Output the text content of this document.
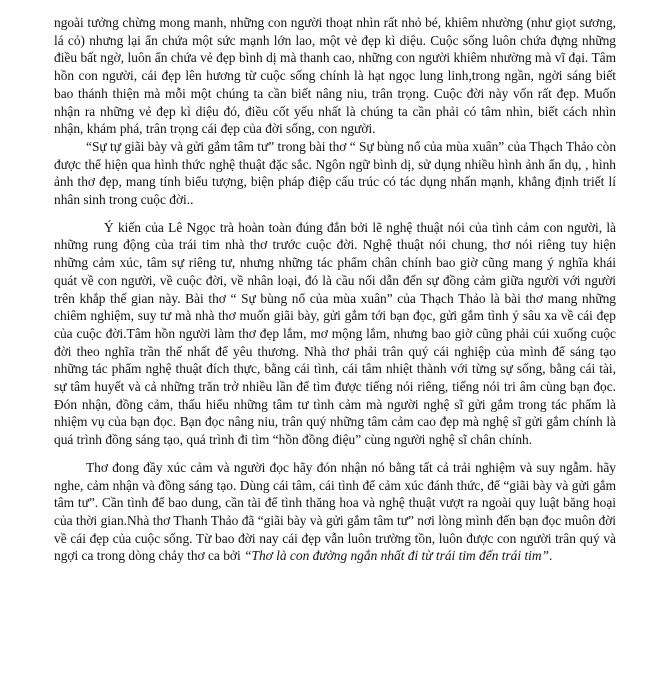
ngoài tưởng chừng mong manh, những con người thoạt nhìn rất nhỏ bé, khiêm nhường (như giọt sương, lá cỏ) nhưng lại ẩn chứa một sức mạnh lớn lao, một vẻ đẹp kì diệu. Cuộc sống luôn chứa đựng những điều bất ngờ, luôn ẩn chứa vẻ đẹp bình dị mà thanh cao, những con người khiêm nhường mà vĩ đại. Tâm hồn con người, cái đẹp lên hương từ cuộc sống chính là hạt ngọc lung linh,trong ngần, ngời sáng biết bao thánh thiện mà mỗi một chúng ta cần biết nâng niu, trân trọng. Cuộc đời này vốn rất đẹp. Muốn nhận ra những vẻ đẹp kì diệu đó, điều cốt yếu nhất là chúng ta cần phải có tâm nhìn, biết cách nhìn nhận, khám phá, trân trọng cái đẹp của đời sống, con người.

“Sự tự giãi bày và gửi gắm tâm tư” trong bài thơ “ Sự bùng nổ của mùa xuân” của Thạch Thảo còn được thể hiện qua hình thức nghệ thuật đặc sắc. Ngôn ngữ bình dị, sử dụng nhiều hình ảnh ẩn dụ, , hình ảnh thơ đẹp, mang tính biểu tượng, biện pháp điệp cấu trúc có tác dụng nhấn mạnh, khẳng định triết lí nhân sinh trong cuộc đời..

Ý kiến của Lê Ngọc trà hoàn toàn đúng đắn bởi lẽ nghệ thuật nói của tình cảm con người, là những rung động của trái tim nhà thơ trước cuộc đời. Nghệ thuật nói chung, thơ nói riêng tuy hiện những cảm xúc, tâm sự riêng tư, nhưng những tác phẩm chân chính bao giờ cũng mang ý nghĩa khái quát về con người, về cuộc đời, về nhân loại, đó là cầu nối dẫn đến sự đồng cảm giữa người với người trên khắp thế gian này. Bài thơ “ Sự bùng nổ của mùa xuân” của Thạch Thảo là bài thơ mang những chiêm nghiệm, suy tư mà nhà thơ muốn giãi bày, gửi gắm tới bạn đọc, gửi gắm tình ý sâu xa về cái đẹp của cuộc đời.Tâm hồn người làm thơ đẹp lắm, mơ mộng lắm, nhưng bao giờ cũng phải cúi xuống cuộc đời theo nghĩa trần thế nhất để yêu thương. Nhà thơ phải trân quý cái nghiệp của mình để sáng tạo những tác phẩm nghệ thuật đích thực, bằng cái tình, cái tâm nhiệt thành với từng sự sống, bằng cái tài, sự tâm huyết và cả những trăn trở nhiều lần để tìm được tiếng nói riêng, tiếng nói tri âm cùng bạn đọc. Đón nhận, đồng cảm, thấu hiểu những tâm tư tình cảm mà người nghệ sĩ gửi gắm trong tác phẩm là nhiệm vụ của bạn đọc. Bạn đọc nâng niu, trân quý những tâm cảm cao đẹp mà nghệ sĩ gửi gắm chính là quá trình đồng sáng tạo, quá trình đi tìm “hồn đồng điệu” cùng người nghệ sĩ chân chính.

Thơ đong đầy xúc cảm và người đọc hãy đón nhận nó bằng tất cả trải nghiệm và suy ngẫm. hãy nghe, cảm nhận và đồng sáng tạo. Dùng cái tâm, cái tình để cảm xúc đánh thức, để “giãi bày và gửi gắm tâm tư”. Cần tình để bao dung, cần tài để tình thăng hoa và nghệ thuật vượt ra ngoài quy luật băng hoại của thời gian.Nhà thơ Thanh Thảo đã “giãi bày và gửi gắm tâm tư” nơi lòng mình đến bạn đọc muôn đời về cái đẹp của cuộc sống. Từ bao đời nay cái đẹp vẫn luôn trường tồn, luôn được con người trân quý và ngợi ca trong dòng chảy thơ ca bởi “Thơ là con đường ngắn nhất đi từ trái tim đến trái tim”.
